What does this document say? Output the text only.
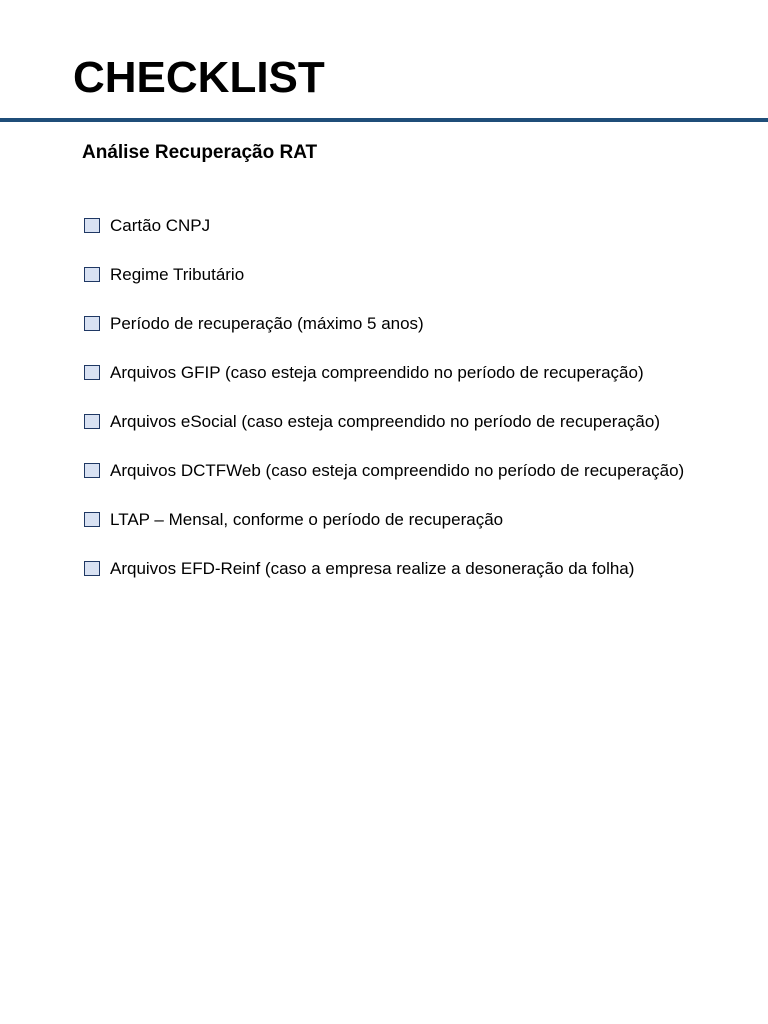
CHECKLIST
Análise Recuperação RAT
Cartão CNPJ
Regime Tributário
Período de recuperação (máximo 5 anos)
Arquivos GFIP (caso esteja compreendido no período de recuperação)
Arquivos eSocial (caso esteja compreendido no período de recuperação)
Arquivos DCTFWeb (caso esteja compreendido no período de recuperação)
LTAP – Mensal, conforme o período de recuperação
Arquivos EFD-Reinf (caso a empresa realize a desoneração da folha)
